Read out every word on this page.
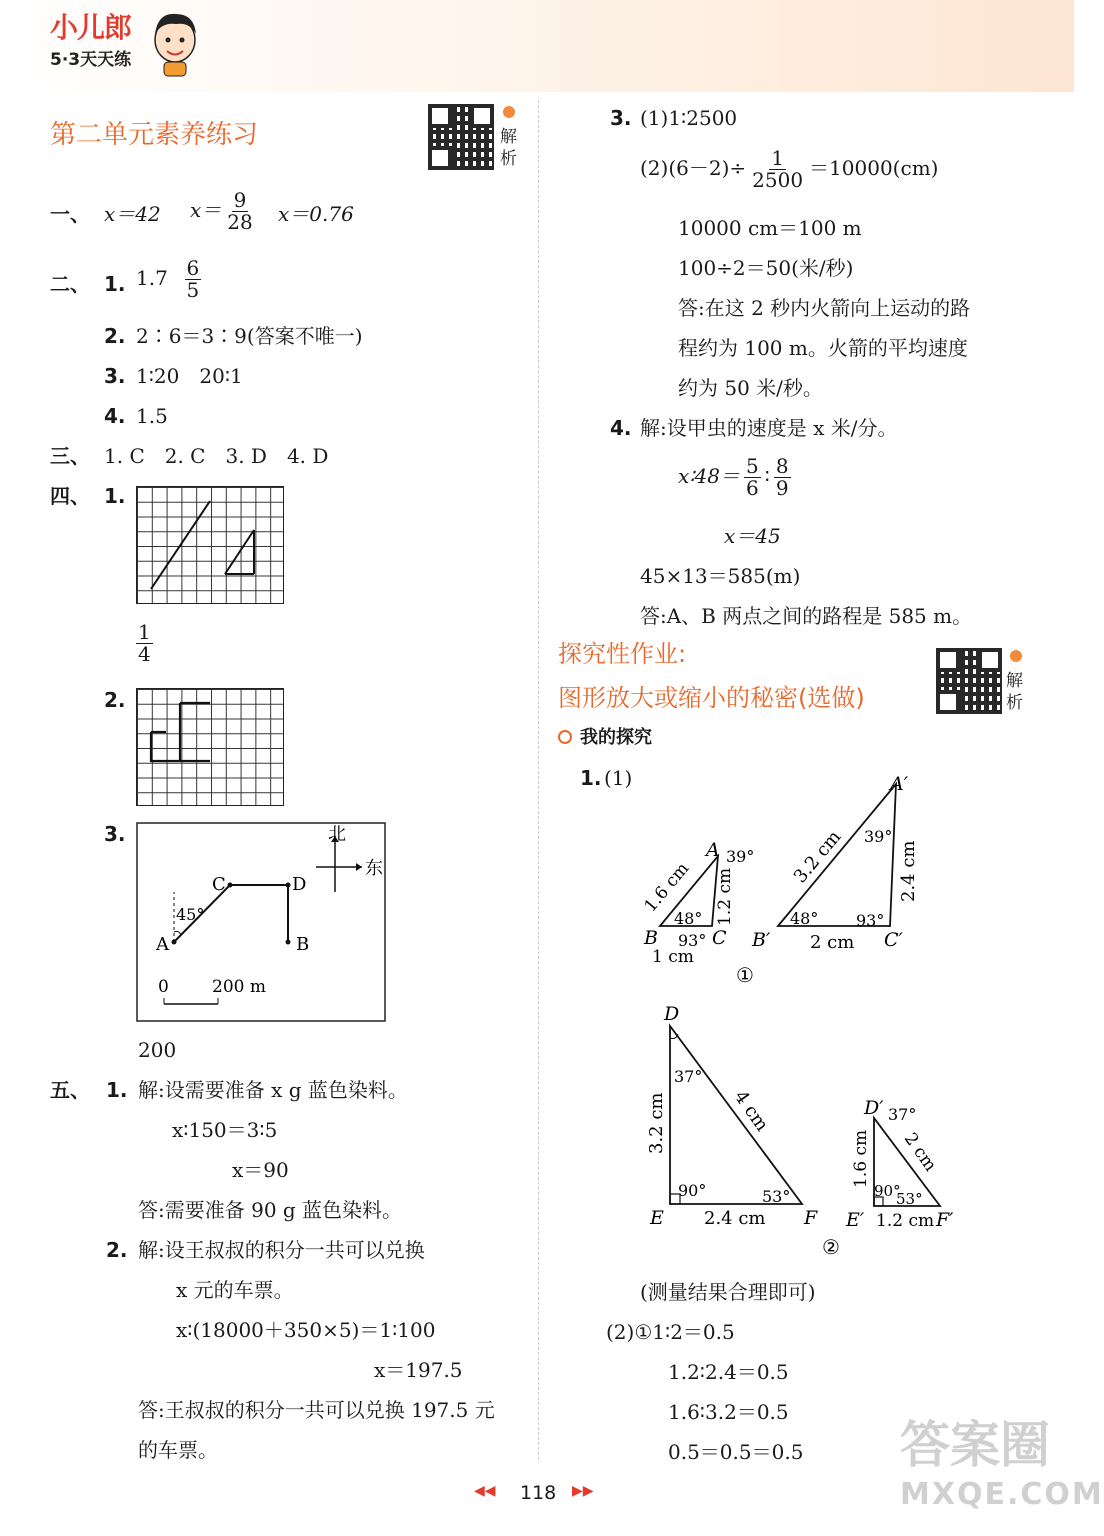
小儿郎
5·3天天练
第二单元素养练习	解析
一、 x＝42 $x= \frac{9}{28} x=0.76$
二、 1. $1.7 \frac{6}{5}$
2. 2∶6＝3∶9(答案不唯一)
3. 1∶20　20∶1
4. 1.5
三、 1. C　2. C　3. D　4. D
四、 1.
$\frac{1}{4}$
2.
3.	北
东
A
C	D
B
45°
0	200 m
200
五、 1. 解:设需要准备 x g 蓝色染料。
x∶150＝3∶5
x＝90
答:需要准备 90 g 蓝色染料。
2. 解:设王叔叔的积分一共可以兑换
x 元的车票。
x∶(18000＋350×5)＝1∶100
x＝197.5
答:王叔叔的积分一共可以兑换 197.5 元
的车票。
3. (1)1∶2500
$(2)(6-2)\div \frac{1}{2500} =10000(cm)$
10000 cm＝100 m
100÷2＝50(米/秒)
答:在这 2 秒内火箭向上运动的路
程约为 100 m。火箭的平均速度
约为 50 米/秒。
4. 解:设甲虫的速度是 x 米/分。
x∶48＝ $\frac{5}{6}$ ∶ $\frac{8}{9}$
x＝45
45×13＝585(m)
答:A、B 两点之间的路程是 585 m。
探究性作业:
图形放大或缩小的秘密(选做)
解析
我的探究
1. (1)
A
B	C
1.6 cm 1.2 cm
1 cm
39°
48°
93°
A′
B′	C′
3.2 cm	2.4 cm
2 cm
39°
48° 93°
①
D
E	F
3.2 cm	4 cm
2.4 cm
37°
90°	53°
D′
E′	F′
1.6 cm 2 cm
1.2 cm
37°
90°
53°
②
(测量结果合理即可)
(2)①1∶2＝0.5
1.2∶2.4＝0.5
1.6∶3.2＝0.5
0.5＝0.5＝0.5
◀◀ 118 ▶▶
答案圈
MXQE.COM
